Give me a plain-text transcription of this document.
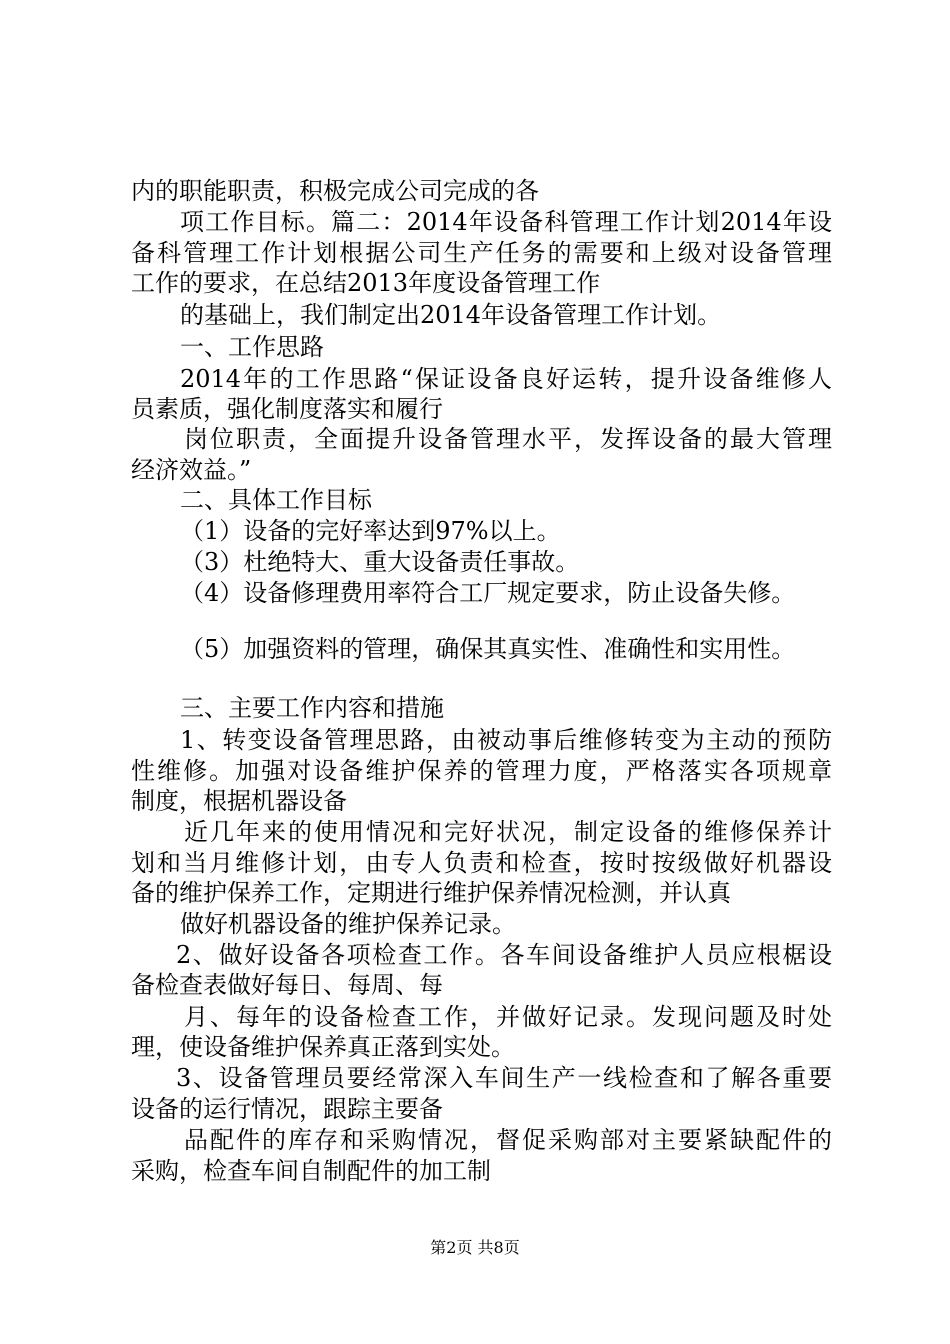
内的职能职责，积极完成公司完成的各
项工作目标。篇二：2014年设备科管理工作计划2014年设
备科管理工作计划根据公司生产任务的需要和上级对设备管理
工作的要求，在总结2013年度设备管理工作
的基础上，我们制定出2014年设备管理工作计划。
一、工作思路
2014年的工作思路“保证设备良好运转，提升设备维修人
员素质，强化制度落实和履行
岗位职责，全面提升设备管理水平，发挥设备的最大管理
经济效益。”
二、具体工作目标
（1）设备的完好率达到97%以上。
（3）杜绝特大、重大设备责任事故。
（4）设备修理费用率符合工厂规定要求，防止设备失修。
（5）加强资料的管理，确保其真实性、准确性和实用性。
三、主要工作内容和措施
1、转变设备管理思路，由被动事后维修转变为主动的预防
性维修。加强对设备维护保养的管理力度，严格落实各项规章
制度，根据机器设备
近几年来的使用情况和完好状况，制定设备的维修保养计
划和当月维修计划，由专人负责和检查，按时按级做好机器设
备的维护保养工作，定期进行维护保养情况检测，并认真
做好机器设备的维护保养记录。
2、做好设备各项检查工作。各车间设备维护人员应根椐设
备检查表做好每日、每周、每
月、每年的设备检查工作，并做好记录。发现问题及时处
理，使设备维护保养真正落到实处。
3、设备管理员要经常深入车间生产一线检查和了解各重要
设备的运行情况，跟踪主要备
品配件的库存和采购情况，督促采购部对主要紧缺配件的
采购，检查车间自制配件的加工制
第2页 共8页
